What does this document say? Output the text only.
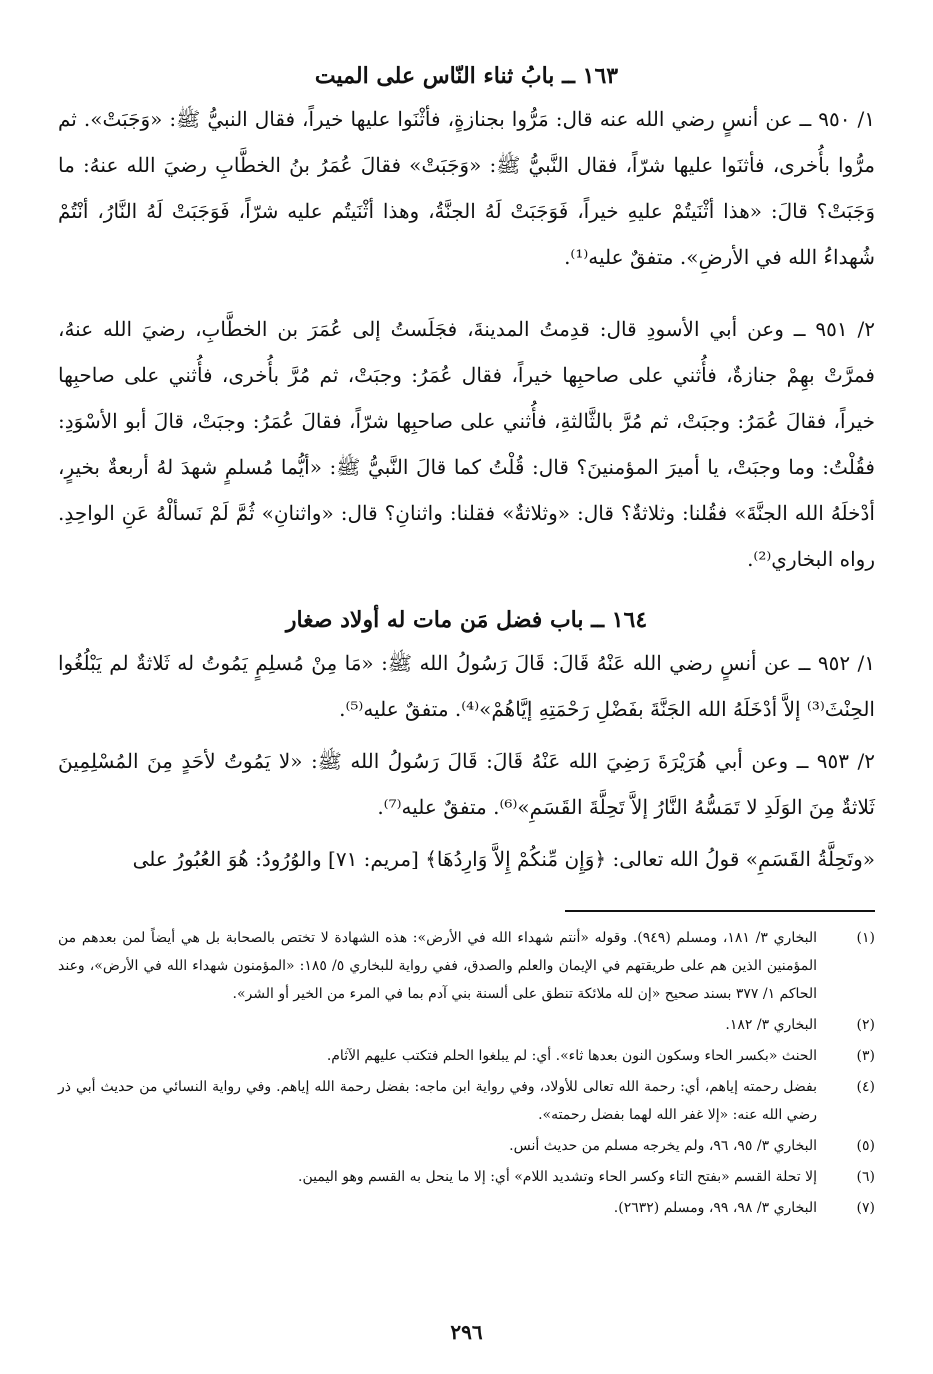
١٦٣ ــ بابُ ثناء النّاس على الميت

١/ ٩٥٠ ــ عن أنسٍ رضي الله عنه قال: مَرُّوا بجنازةٍ، فأثْنَوا عليها خيراً، فقال النبيُّ ﷺ: «وَجَبَتْ». ثم مرُّوا بأُخرى، فأثنَوا عليها شرّاً، فقال النَّبيُّ ﷺ: «وَجَبَتْ» فقالَ عُمَرُ بنُ الخطَّابِ رضيَ الله عنهُ: ما وَجَبَتْ؟ قالَ: «هذا أثْنَيتُمْ عليهِ خيراً، فَوَجَبَتْ لَهُ الجنَّةُ، وهذا أثْنَيتُم عليه شرّاً، فَوَجَبَتْ لَهُ النَّارُ، أنْتُمْ شُهداءُ الله في الأرضِ». متفقٌ عليه⁽¹⁾.

٢/ ٩٥١ ــ وعن أبي الأسودِ قال: قدِمتُ المدينةَ، فجَلَستُ إلى عُمَرَ بن الخطَّابِ، رضيَ الله عنهُ، فمرَّتْ بهِمْ جنازةٌ، فأُثني على صاحبِها خيراً، فقال عُمَرُ: وجبَتْ، ثم مُرَّ بأُخرى، فأُثني على صاحبِها خيراً، فقالَ عُمَرُ: وجبَتْ، ثم مُرَّ بالثَّالثةِ، فأُثني على صاحبِها شرّاً، فقالَ عُمَرُ: وجبَتْ، قالَ أبو الأسْوَدِ: فقُلْتُ: وما وجبَتْ، يا أميرَ المؤمنينَ؟ قال: قُلْتُ كما قالَ النَّبيُّ ﷺ: «أيُّما مُسلمٍ شهدَ لهُ أربعةٌ بخيرٍ، أدْخلَهُ الله الجنَّةَ» فقُلنا: وثلاثةٌ؟ قال: «وثلاثةٌ» فقلنا: واثنانِ؟ قال: «واثنانِ» ثُمَّ لَمْ نَسألْهُ عَنِ الواحِدِ. رواه البخاري⁽²⁾.

١٦٤ ــ باب فضل مَن مات له أولاد صغار

١/ ٩٥٢ ــ عن أنسٍ رضي الله عَنْهُ قَالَ: قَالَ رَسُولُ الله ﷺ: «مَا مِنْ مُسلِمٍ يَمُوتُ له ثَلاثةٌ لم يَبْلُغُوا الحِنْثَ⁽³⁾ إلاَّ أدْخَلَهُ الله الجَنَّةَ بفَضْلِ رَحْمَتِهِ إيَّاهُمْ»⁽⁴⁾. متفقٌ عليه⁽⁵⁾.

٢/ ٩٥٣ ــ وعن أبي هُرَيْرَةَ رَضِيَ الله عَنْهُ قَالَ: قَالَ رَسُولُ الله ﷺ: «لا يَمُوتُ لأحَدٍ مِنَ المُسْلِمِينَ ثَلاثةٌ مِنَ الوَلَدِ لا تَمَسُّهُ النَّارُ إلاَّ تَحِلَّةَ القَسَمِ»⁽⁶⁾. متفقٌ عليه⁽⁷⁾.

«وتَحِلَّةُ القَسَمِ» قولُ الله تعالى: ﴿وَإِن مِّنكُمْ إِلاَّ وَارِدُهَا﴾ [مريم: ٧١] والوُرُودُ: هُوَ العُبُورُ على

(١)
البخاري ٣/ ١٨١، ومسلم (٩٤٩). وقوله «أنتم شهداء الله في الأرض»: هذه الشهادة لا تختص بالصحابة بل هي أيضاً لمن بعدهم من المؤمنين الذين هم على طريقتهم في الإيمان والعلم والصدق، ففي رواية للبخاري ٥/ ١٨٥: «المؤمنون شهداء الله في الأرض»، وعند الحاكم ١/ ٣٧٧ بسند صحيح «إن لله ملائكة تنطق على ألسنة بني آدم بما في المرء من الخير أو الشر».
(٢)
البخاري ٣/ ١٨٢.
(٣)
الحنث «بكسر الحاء وسكون النون بعدها ثاء». أي: لم يبلغوا الحلم فتكتب عليهم الآثام.
(٤)
بفضل رحمته إياهم، أي: رحمة الله تعالى للأولاد، وفي رواية ابن ماجه: بفضل رحمة الله إياهم. وفي رواية النسائي من حديث أبي ذر رضي الله عنه: «إلا غفر الله لهما بفضل رحمته».
(٥)
البخاري ٣/ ٩٥، ٩٦، ولم يخرجه مسلم من حديث أنس.
(٦)
إلا تحلة القسم «بفتح التاء وكسر الحاء وتشديد اللام» أي: إلا ما ينحل به القسم وهو اليمين.
(٧)
البخاري ٣/ ٩٨، ٩٩، ومسلم (٢٦٣٢).
٢٩٦
